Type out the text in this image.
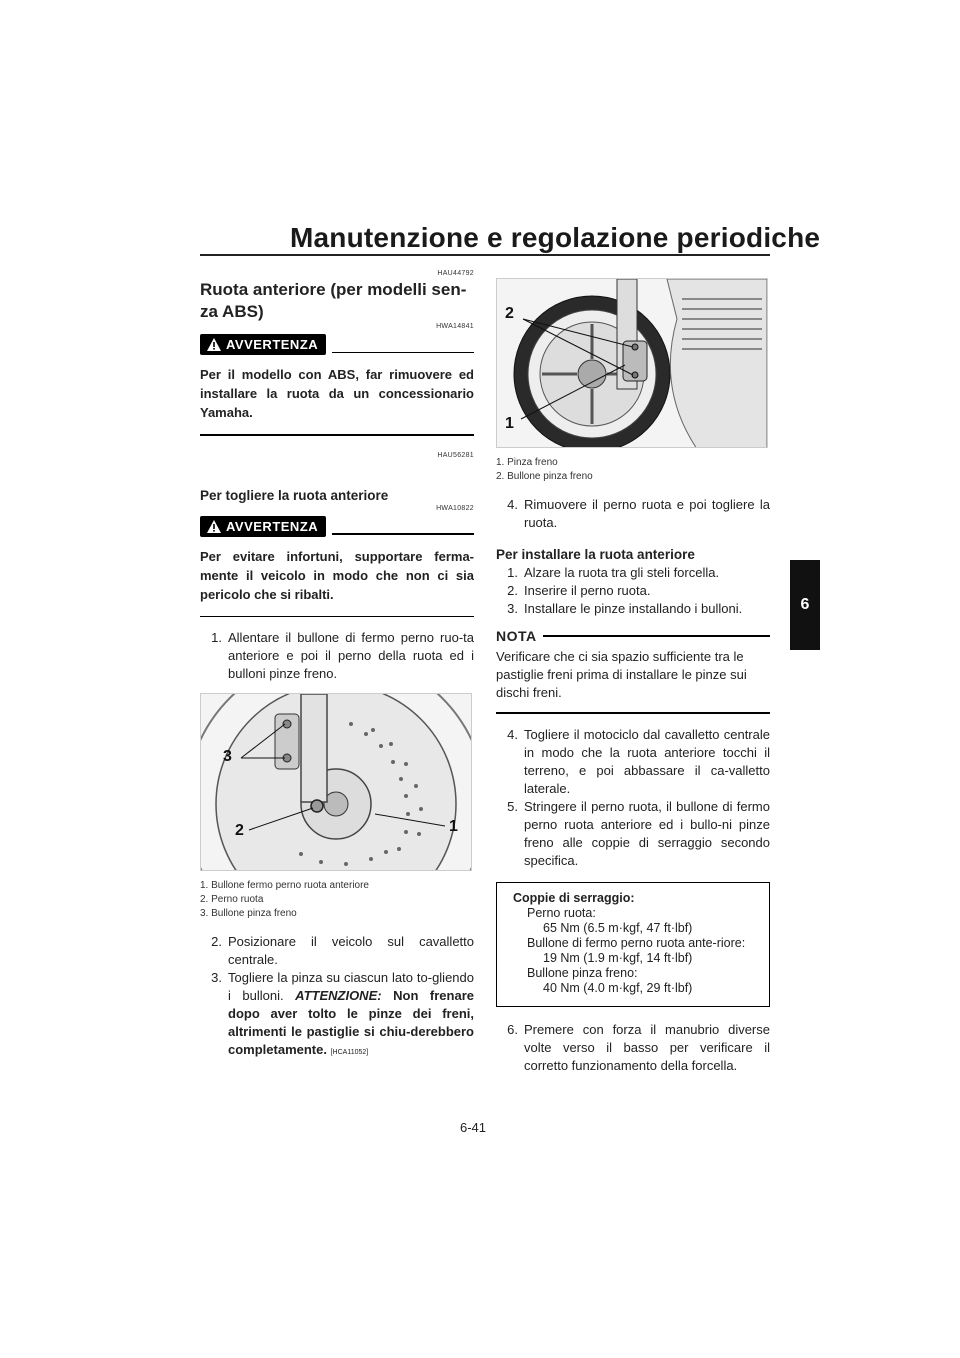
Manutenzione e regolazione periodiche
6
HAU44792
Ruota anteriore (per modelli sen-za ABS)
HWA14841
AVVERTENZA
Per il modello con ABS, far rimuovere ed installare la ruota da un concessionario Yamaha.
HAU56281
Per togliere la ruota anteriore
HWA10822
AVVERTENZA
Per evitare infortuni, supportare ferma-mente il veicolo in modo che non ci sia pericolo che si ribalti.
1. Allentare il bullone di fermo perno ruo-ta anteriore e poi il perno della ruota ed i bulloni pinze freno.
3
2	1
1. Bullone fermo perno ruota anteriore
2. Perno ruota
3. Bullone pinza freno
2. Posizionare il veicolo sul cavalletto centrale.
3. Togliere la pinza su ciascun lato to-gliendo i bulloni. ATTENZIONE: Non frenare dopo aver tolto le pinze dei freni, altrimenti le pastiglie si chiu-derebbero completamente. [HCA11052]
2
1
1. Pinza freno
2. Bullone pinza freno
4. Rimuovere il perno ruota e poi togliere la ruota.
Per installare la ruota anteriore
1. Alzare la ruota tra gli steli forcella.
2. Inserire il perno ruota.
3. Installare le pinze installando i bulloni.
NOTA
Verificare che ci sia spazio sufficiente tra le pastiglie freni prima di installare le pinze sui dischi freni.
4. Togliere il motociclo dal cavalletto centrale in modo che la ruota anteriore tocchi il terreno, e poi abbassare il ca-valletto laterale.
5. Stringere il perno ruota, il bullone di fermo perno ruota anteriore ed i bullo-ni pinze freno alle coppie di serraggio secondo specifica.
Coppie di serraggio:
Perno ruota:
65 Nm (6.5 m·kgf, 47 ft·lbf)
Bullone di fermo perno ruota ante-riore:
19 Nm (1.9 m·kgf, 14 ft·lbf)
Bullone pinza freno:
40 Nm (4.0 m·kgf, 29 ft·lbf)
6. Premere con forza il manubrio diverse volte verso il basso per verificare il corretto funzionamento della forcella.
6-41
